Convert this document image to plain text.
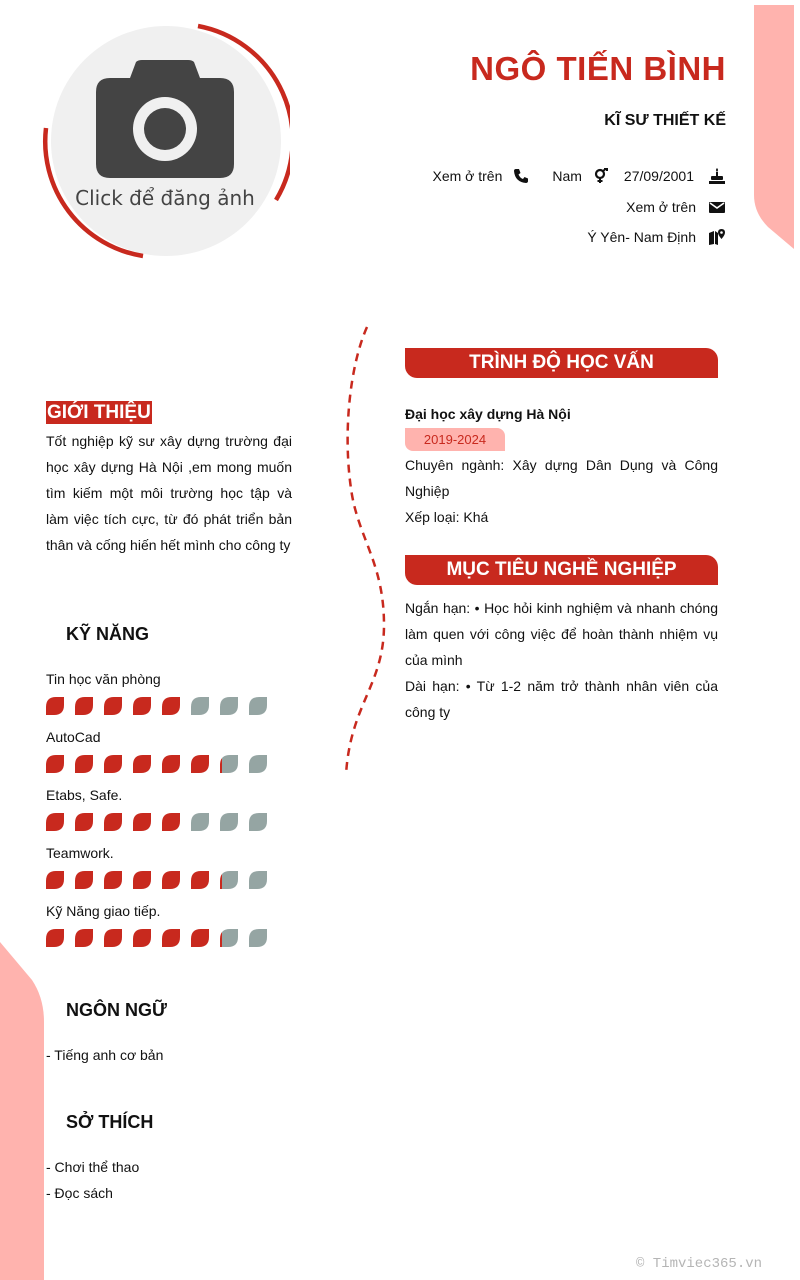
Click để đăng ảnh
NGÔ TIẾN BÌNH
KĨ SƯ THIẾT KẾ
Xem ở trên	Nam	27/09/2001
Xem ở trên
Ý Yên- Nam Định
GIỚI THIỆU
Tốt nghiệp kỹ sư xây dựng trường đại học xây dựng Hà Nội ,em mong muốn tìm kiếm một môi trường học tập và làm việc tích cực, từ đó phát triển bản thân và cống hiến hết mình cho công ty
KỸ NĂNG
Tin học văn phòng
AutoCad
Etabs, Safe.
Teamwork.
Kỹ Năng giao tiếp.
NGÔN NGỮ
- Tiếng anh cơ bản
SỞ THÍCH
- Chơi thể thao
- Đọc sách
TRÌNH ĐỘ HỌC VẤN
Đại học xây dựng Hà Nội
2019-2024
Chuyên ngành: Xây dựng Dân Dụng và Công Nghiệp
Xếp loại: Khá
MỤC TIÊU NGHỀ NGHIỆP
Ngắn hạn: • Học hỏi kinh nghiệm và nhanh chóng làm quen với công việc để hoàn thành nhiệm vụ của mình
Dài hạn: • Từ 1-2 năm trở thành nhân viên của công ty
© Timviec365.vn
